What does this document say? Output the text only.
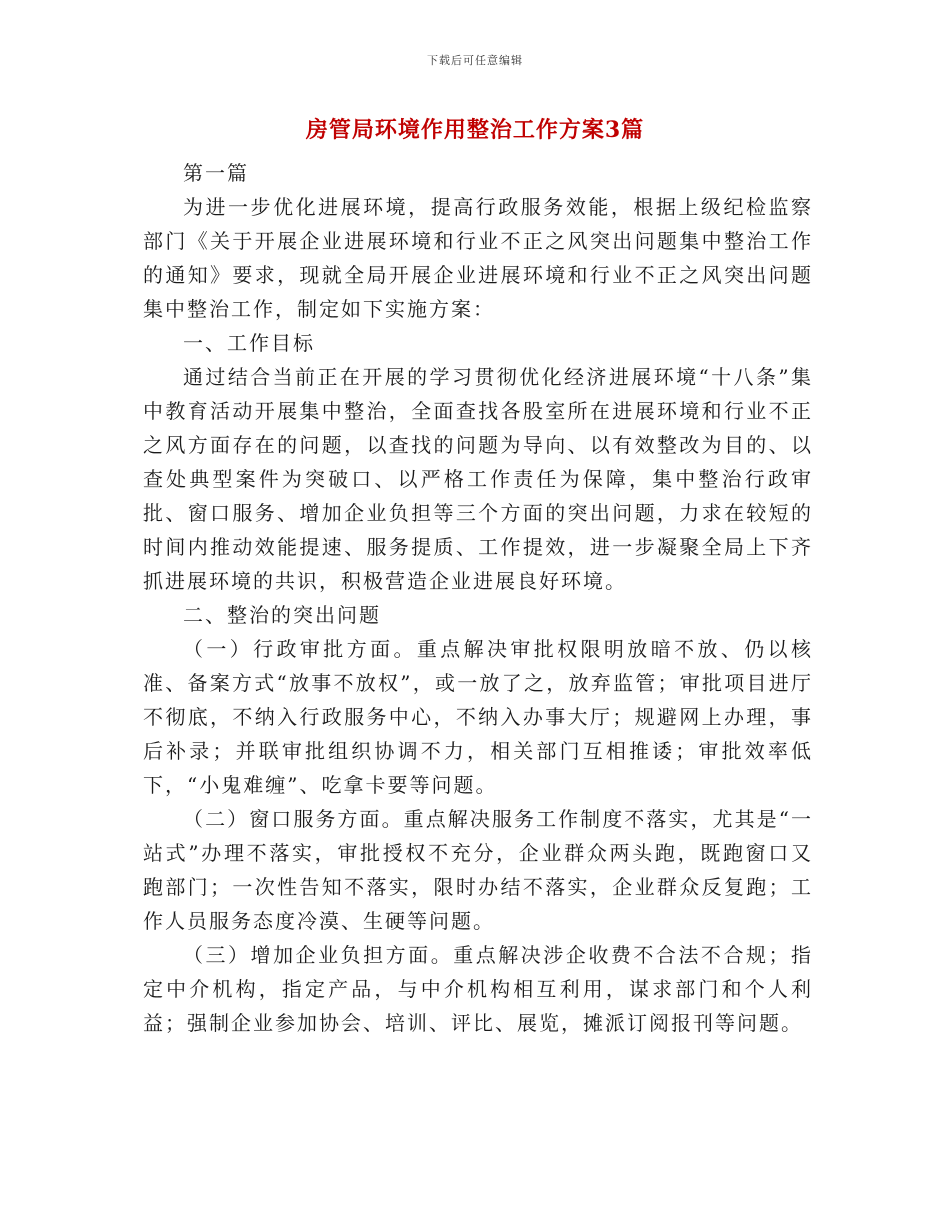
下载后可任意编辑
房管局环境作用整治工作方案3篇

第一篇

为进一步优化进展环境，提高行政服务效能，根据上级纪检监察部门《关于开展企业进展环境和行业不正之风突出问题集中整治工作的通知》要求，现就全局开展企业进展环境和行业不正之风突出问题集中整治工作，制定如下实施方案：

一、工作目标

通过结合当前正在开展的学习贯彻优化经济进展环境“十八条”集中教育活动开展集中整治，全面查找各股室所在进展环境和行业不正之风方面存在的问题，以查找的问题为导向、以有效整改为目的、以查处典型案件为突破口、以严格工作责任为保障，集中整治行政审批、窗口服务、增加企业负担等三个方面的突出问题，力求在较短的时间内推动效能提速、服务提质、工作提效，进一步凝聚全局上下齐抓进展环境的共识，积极营造企业进展良好环境。

二、整治的突出问题

（一）行政审批方面。重点解决审批权限明放暗不放、仍以核准、备案方式“放事不放权”，或一放了之，放弃监管；审批项目进厅不彻底，不纳入行政服务中心，不纳入办事大厅；规避网上办理，事后补录；并联审批组织协调不力，相关部门互相推诿；审批效率低下，“小鬼难缠”、吃拿卡要等问题。

（二）窗口服务方面。重点解决服务工作制度不落实，尤其是“一站式”办理不落实，审批授权不充分，企业群众两头跑，既跑窗口又跑部门；一次性告知不落实，限时办结不落实，企业群众反复跑；工作人员服务态度冷漠、生硬等问题。

（三）增加企业负担方面。重点解决涉企收费不合法不合规；指定中介机构，指定产品，与中介机构相互利用，谋求部门和个人利益；强制企业参加协会、培训、评比、展览，摊派订阅报刊等问题。
